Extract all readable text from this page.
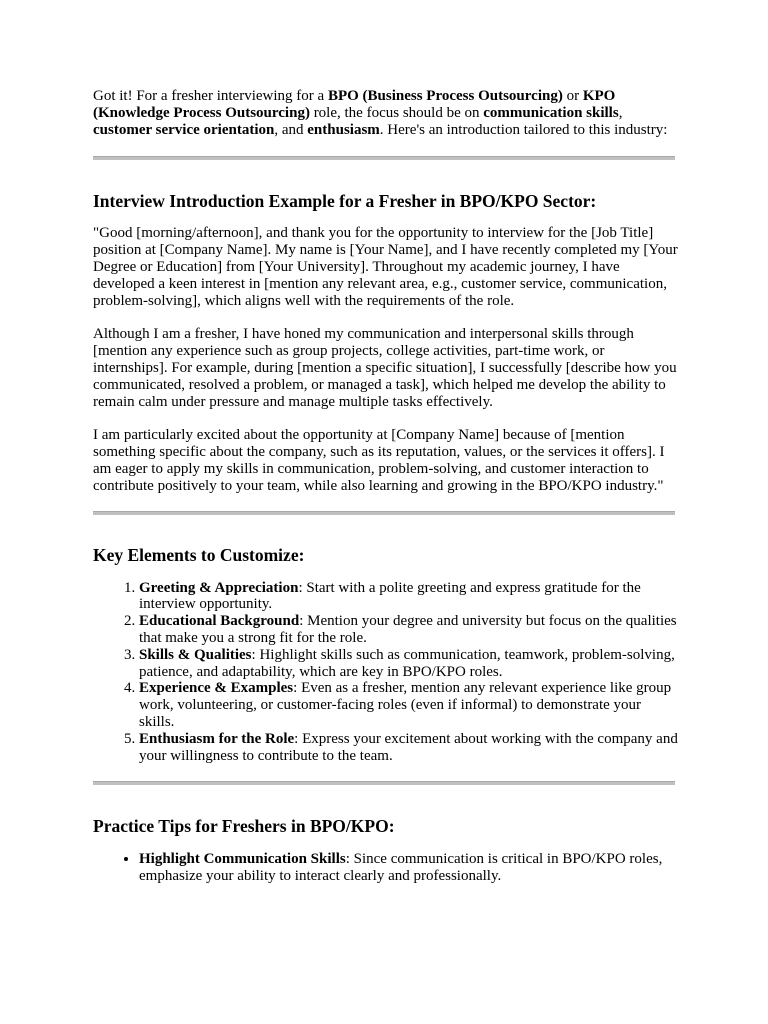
Got it! For a fresher interviewing for a BPO (Business Process Outsourcing) or KPO (Knowledge Process Outsourcing) role, the focus should be on communication skills, customer service orientation, and enthusiasm. Here's an introduction tailored to this industry:

Interview Introduction Example for a Fresher in BPO/KPO Sector:

"Good [morning/afternoon], and thank you for the opportunity to interview for the [Job Title] position at [Company Name]. My name is [Your Name], and I have recently completed my [Your Degree or Education] from [Your University]. Throughout my academic journey, I have developed a keen interest in [mention any relevant area, e.g., customer service, communication, problem-solving], which aligns well with the requirements of the role.

Although I am a fresher, I have honed my communication and interpersonal skills through [mention any experience such as group projects, college activities, part-time work, or internships]. For example, during [mention a specific situation], I successfully [describe how you communicated, resolved a problem, or managed a task], which helped me develop the ability to remain calm under pressure and manage multiple tasks effectively.

I am particularly excited about the opportunity at [Company Name] because of [mention something specific about the company, such as its reputation, values, or the services it offers]. I am eager to apply my skills in communication, problem-solving, and customer interaction to contribute positively to your team, while also learning and growing in the BPO/KPO industry."

Key Elements to Customize:
1. Greeting & Appreciation: Start with a polite greeting and express gratitude for the interview opportunity.
2. Educational Background: Mention your degree and university but focus on the qualities that make you a strong fit for the role.
3. Skills & Qualities: Highlight skills such as communication, teamwork, problem-solving, patience, and adaptability, which are key in BPO/KPO roles.
4. Experience & Examples: Even as a fresher, mention any relevant experience like group work, volunteering, or customer-facing roles (even if informal) to demonstrate your skills.
5. Enthusiasm for the Role: Express your excitement about working with the company and your willingness to contribute to the team.
Practice Tips for Freshers in BPO/KPO:
• Highlight Communication Skills: Since communication is critical in BPO/KPO roles, emphasize your ability to interact clearly and professionally.
